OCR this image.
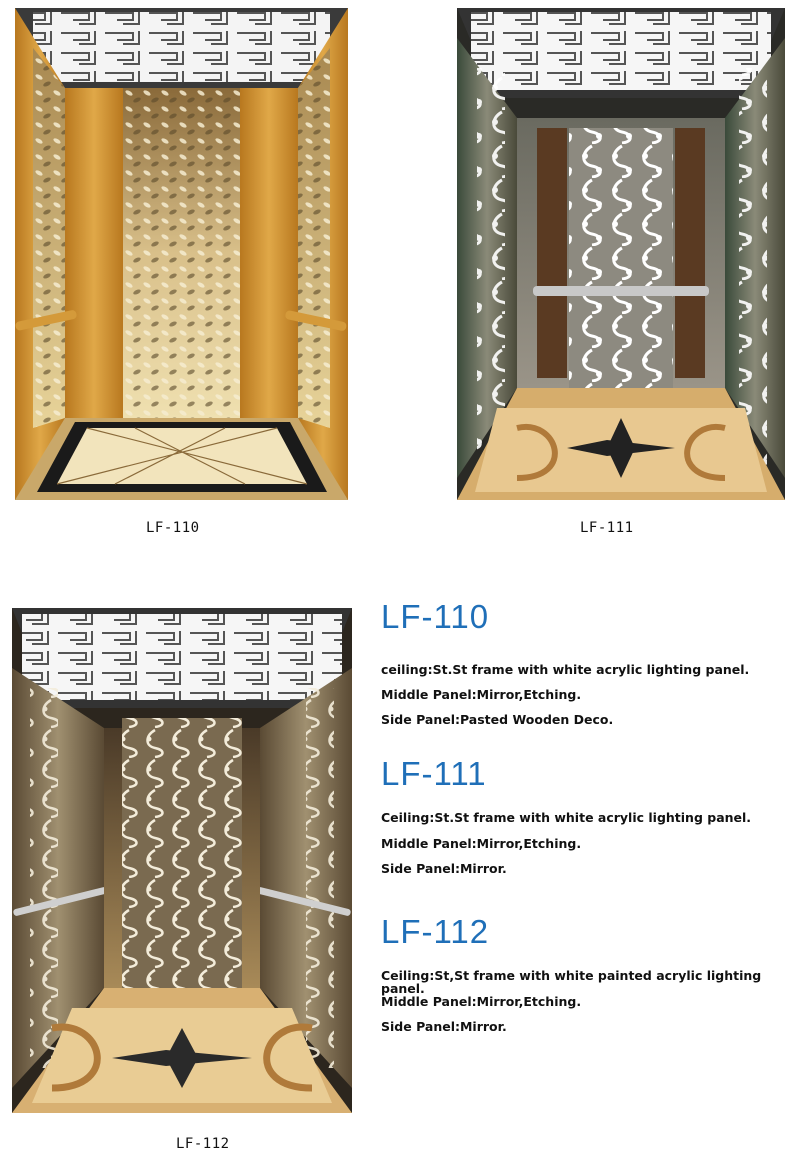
LF-110	LF-111
LF-112
LF-110
ceiling:St.St frame with white acrylic lighting panel.
Middle Panel:Mirror,Etching.
Side Panel:Pasted Wooden Deco.
LF-111
Ceiling:St.St frame with white acrylic lighting panel.
Middle Panel:Mirror,Etching.
Side Panel:Mirror.
LF-112
Ceiling:St,St frame with white painted acrylic lighting panel.
Middle Panel:Mirror,Etching.
Side Panel:Mirror.
